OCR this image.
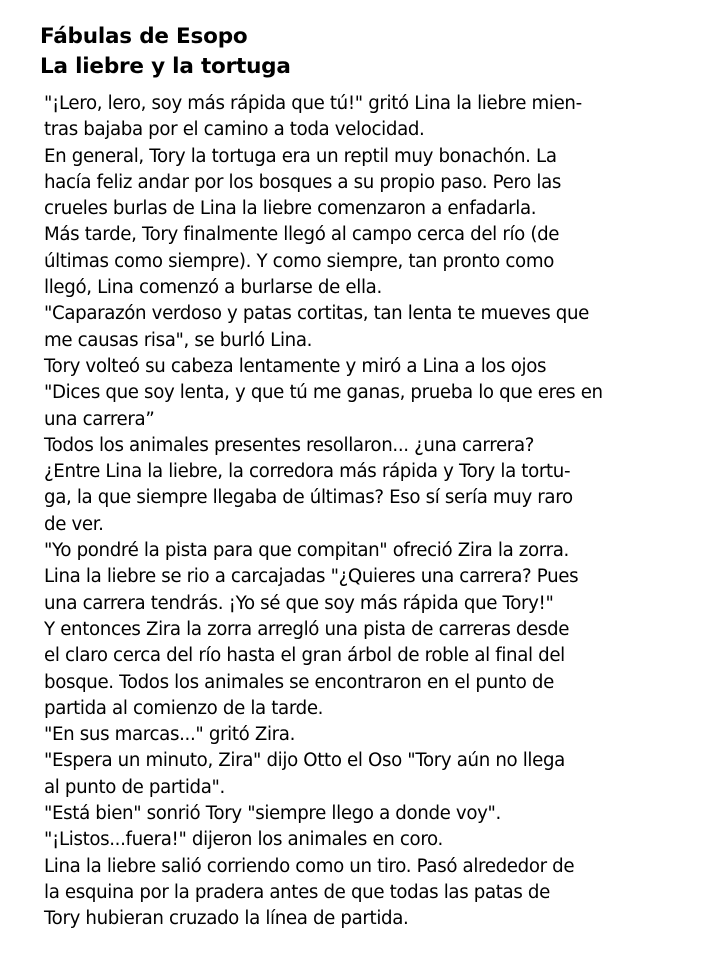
Fábulas de Esopo
La liebre y la tortuga
"¡Lero, lero, soy más rápida que tú!" gritó Lina la liebre mien-
tras bajaba por el camino a toda velocidad.
En general, Tory la tortuga era un reptil muy bonachón. La
hacía feliz andar por los bosques a su propio paso. Pero las
crueles burlas de Lina la liebre comenzaron a enfadarla.
Más tarde, Tory finalmente llegó al campo cerca del río (de
últimas como siempre). Y como siempre, tan pronto como
llegó, Lina comenzó a burlarse de ella.
"Caparazón verdoso y patas cortitas, tan lenta te mueves que
me causas risa", se burló Lina.
Tory volteó su cabeza lentamente y miró a Lina a los ojos
"Dices que soy lenta, y que tú me ganas, prueba lo que eres en
una carrera”
Todos los animales presentes resollaron... ¿una carrera?
¿Entre Lina la liebre, la corredora más rápida y Tory la tortu-
ga, la que siempre llegaba de últimas? Eso sí sería muy raro
de ver.
"Yo pondré la pista para que compitan" ofreció Zira la zorra.
Lina la liebre se rio a carcajadas "¿Quieres una carrera? Pues
una carrera tendrás. ¡Yo sé que soy más rápida que Tory!"
Y entonces Zira la zorra arregló una pista de carreras desde
el claro cerca del río hasta el gran árbol de roble al final del
bosque. Todos los animales se encontraron en el punto de
partida al comienzo de la tarde.
"En sus marcas..." gritó Zira.
"Espera un minuto, Zira" dijo Otto el Oso "Tory aún no llega
al punto de partida".
"Está bien" sonrió Tory "siempre llego a donde voy".
"¡Listos...fuera!" dijeron los animales en coro.
Lina la liebre salió corriendo como un tiro. Pasó alrededor de
la esquina por la pradera antes de que todas las patas de
Tory hubieran cruzado la línea de partida.
